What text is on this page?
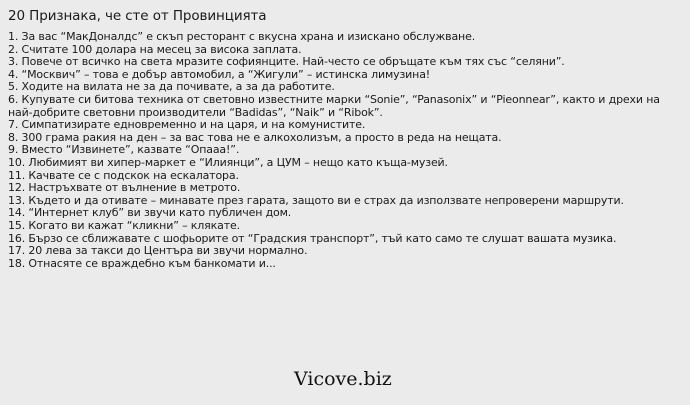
20 Признака, че сте от Провинцията
1. За вас “МакДоналдс” е скъп ресторант с вкусна храна и изискано обслужване.
2. Считате 100 долара на месец за висока заплата.
3. Повече от всичко на света мразите софиянците. Най-често се обръщате към тях със “селяни”.
4. “Москвич” – това е добър автомобил, а “Жигули” – истинска лимузина!
5. Ходите на вилата не за да почивате, а за да работите.
6. Купувате си битова техника от световно известните марки “Sonie”, “Panasonix” и “Pieonnear”, както и дрехи на най-добрите световни производители “Badidas”, “Naik” и “Ribok”.
7. Симпатизирате едновременно и на царя, и на комунистите.
8. 300 грама ракия на ден – за вас това не е алкохолизъм, а просто в реда на нещата.
9. Вместо “Извинете”, казвате “Опааа!”.
10. Любимият ви хипер-маркет е “Илиянци”, а ЦУМ – нещо като къща-музей.
11. Качвате се с подскок на ескалатора.
12. Настръхвате от вълнение в метрото.
13. Където и да отивате – минавате през гарата, защото ви е страх да използвате непроверени маршрути.
14. “Интернет клуб” ви звучи като публичен дом.
15. Когато ви кажат “кликни” – клякате.
16. Бързо се сближавате с шофьорите от “Градския транспорт”, тъй като само те слушат вашата музика.
17. 20 лева за такси до Центъра ви звучи нормално.
18. Отнасяте се враждебно към банкомати и...
Vicove.biz
